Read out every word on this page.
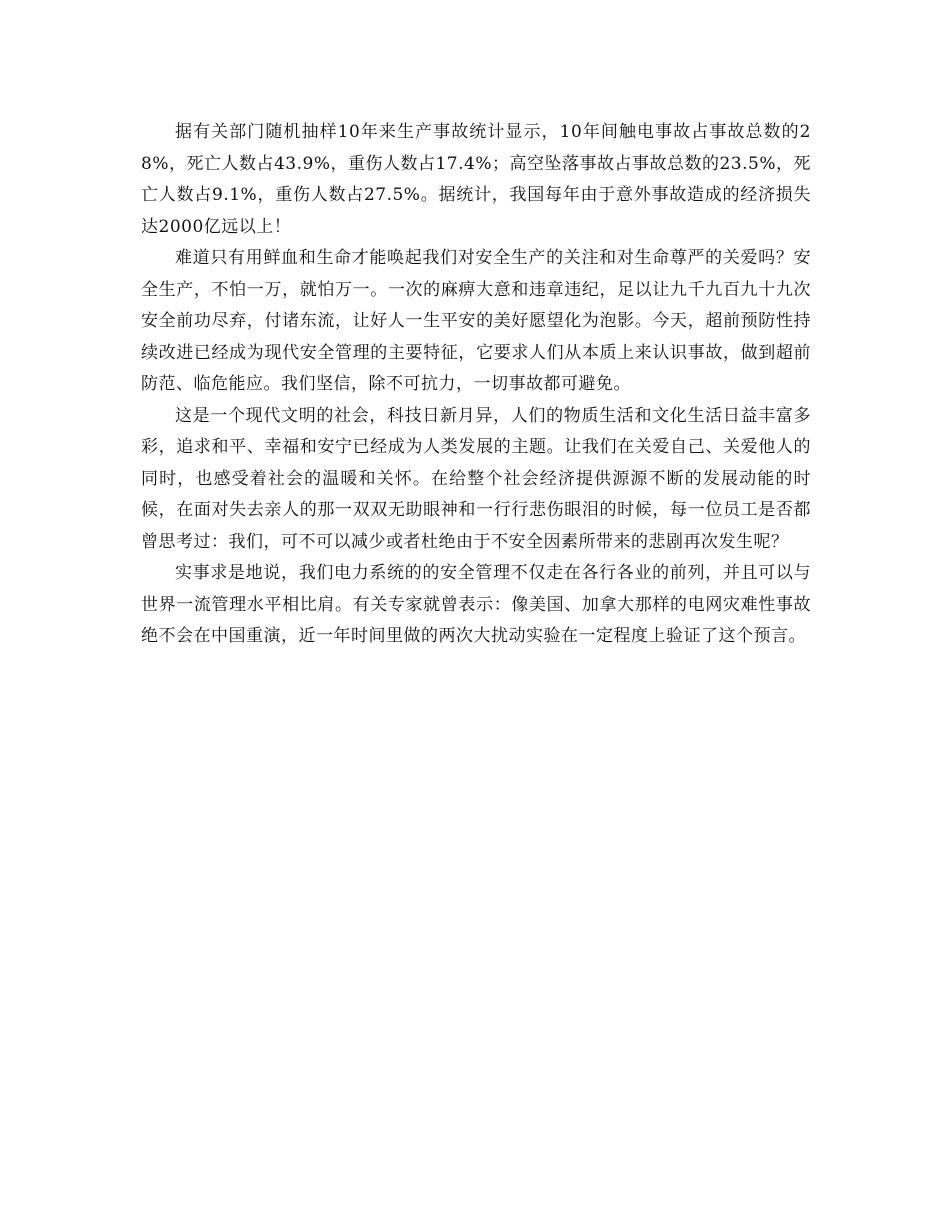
据有关部门随机抽样10年来生产事故统计显示，10年间触电事故占事故总数的28%，死亡人数占43.9%，重伤人数占17.4%；高空坠落事故占事故总数的23.5%，死亡人数占9.1%，重伤人数占27.5%。据统计，我国每年由于意外事故造成的经济损失达2000亿远以上！

难道只有用鲜血和生命才能唤起我们对安全生产的关注和对生命尊严的关爱吗？安全生产，不怕一万，就怕万一。一次的麻痹大意和违章违纪，足以让九千九百九十九次安全前功尽弃，付诸东流，让好人一生平安的美好愿望化为泡影。今天，超前预防性持续改进已经成为现代安全管理的主要特征，它要求人们从本质上来认识事故，做到超前防范、临危能应。我们坚信，除不可抗力，一切事故都可避免。

这是一个现代文明的社会，科技日新月异，人们的物质生活和文化生活日益丰富多彩，追求和平、幸福和安宁已经成为人类发展的主题。让我们在关爱自己、关爱他人的同时，也感受着社会的温暖和关怀。在给整个社会经济提供源源不断的发展动能的时候，在面对失去亲人的那一双双无助眼神和一行行悲伤眼泪的时候，每一位员工是否都曾思考过：我们，可不可以减少或者杜绝由于不安全因素所带来的悲剧再次发生呢？

实事求是地说，我们电力系统的的安全管理不仅走在各行各业的前列，并且可以与世界一流管理水平相比肩。有关专家就曾表示：像美国、加拿大那样的电网灾难性事故绝不会在中国重演，近一年时间里做的两次大扰动实验在一定程度上验证了这个预言。
